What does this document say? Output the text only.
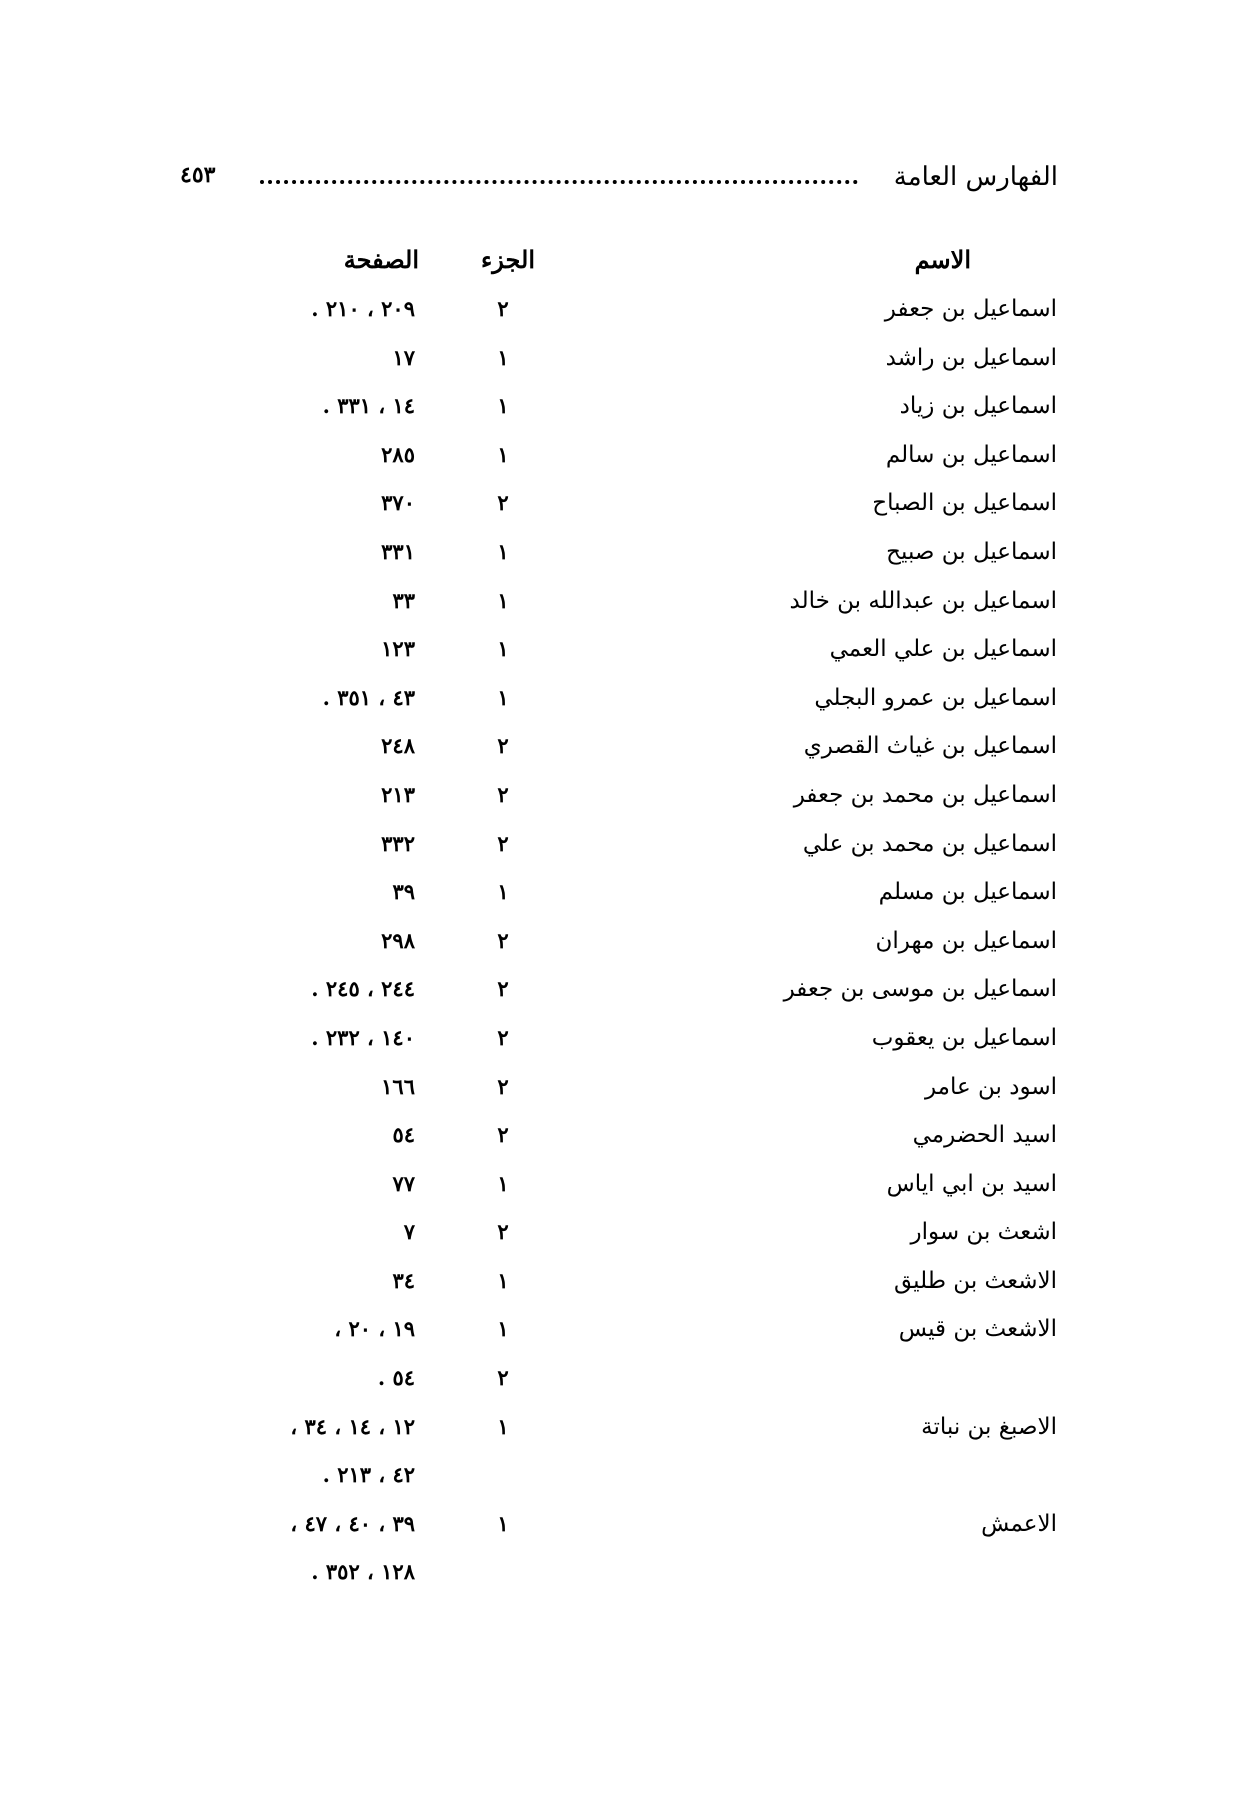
٤٥٣	الفهارس العامة
الاسم
الجزء
الصفحة
اسماعيل بن جعفر
٢
٢٠٩ ، ٢١٠ .
اسماعيل بن راشد
١
١٧
اسماعيل بن زياد
١
١٤ ، ٣٣١ .
اسماعيل بن سالم
١
٢٨٥
اسماعيل بن الصباح
٢
٣٧٠
اسماعيل بن صبيح
١
٣٣١
اسماعيل بن عبدالله بن خالد
١
٣٣
اسماعيل بن علي العمي
١
١٢٣
اسماعيل بن عمرو البجلي
١
٤٣ ، ٣٥١ .
اسماعيل بن غياث القصري
٢
٢٤٨
اسماعيل بن محمد بن جعفر
٢
٢١٣
اسماعيل بن محمد بن علي
٢
٣٣٢
اسماعيل بن مسلم
١
٣٩
اسماعيل بن مهران
٢
٢٩٨
اسماعيل بن موسى بن جعفر
٢
٢٤٤ ، ٢٤٥ .
اسماعيل بن يعقوب
٢
١٤٠ ، ٢٣٢ .
اسود بن عامر
٢
١٦٦
اسيد الحضرمي
٢
٥٤
اسيد بن ابي اياس
١
٧٧
اشعث بن سوار
٢
٧
الاشعث بن طليق
١
٣٤
الاشعث بن قيس
١
١٩ ، ٢٠ ،
٢
٥٤ .
الاصبغ بن نباتة
١
١٢ ، ١٤ ، ٣٤ ،
٤٢ ، ٢١٣ .
الاعمش
١
٣٩ ، ٤٠ ، ٤٧ ،
١٢٨ ، ٣٥٢ .
